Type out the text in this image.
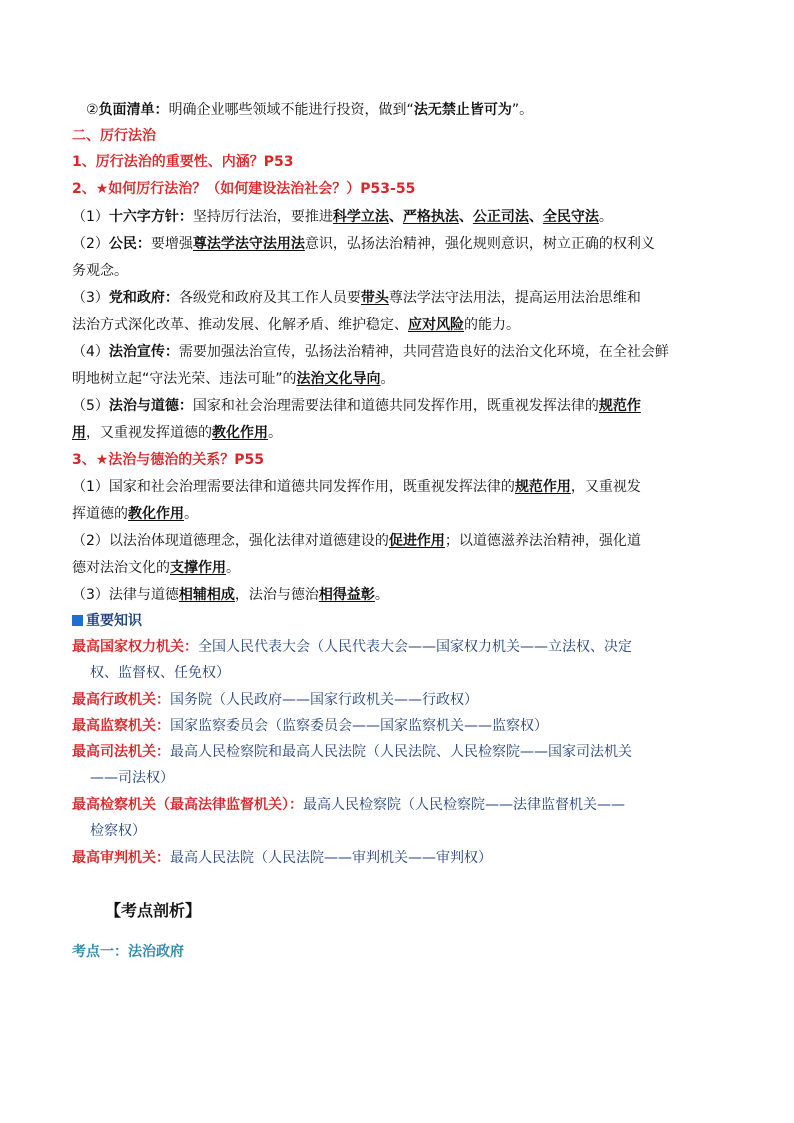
②负面清单：明确企业哪些领域不能进行投资，做到“法无禁止皆可为”。
二、厉行法治
1、厉行法治的重要性、内涵？P53
2、★如何厉行法治？（如何建设法治社会？）P53-55
（1）十六字方针：坚持厉行法治，要推进科学立法、严格执法、公正司法、全民守法。
（2）公民：要增强尊法学法守法用法意识，弘扬法治精神，强化规则意识，树立正确的权利义
务观念。
（3）党和政府：各级党和政府及其工作人员要带头尊法学法守法用法，提高运用法治思维和
法治方式深化改革、推动发展、化解矛盾、维护稳定、应对风险的能力。
（4）法治宣传：需要加强法治宣传，弘扬法治精神，共同营造良好的法治文化环境，在全社会鲜
明地树立起“守法光荣、违法可耻”的法治文化导向。
（5）法治与道德：国家和社会治理需要法律和道德共同发挥作用，既重视发挥法律的规范作
用，又重视发挥道德的教化作用。
3、★法治与德治的关系？P55
（1）国家和社会治理需要法律和道德共同发挥作用，既重视发挥法律的规范作用，又重视发
挥道德的教化作用。
（2）以法治体现道德理念，强化法律对道德建设的促进作用；以道德滋养法治精神，强化道
德对法治文化的支撑作用。
（3）法律与道德相辅相成，法治与德治相得益彰。
重要知识
最高国家权力机关：全国人民代表大会（人民代表大会——国家权力机关——立法权、决定
权、监督权、任免权）
最高行政机关：国务院（人民政府——国家行政机关——行政权）
最高监察机关：国家监察委员会（监察委员会——国家监察机关——监察权）
最高司法机关：最高人民检察院和最高人民法院（人民法院、人民检察院——国家司法机关
——司法权）
最高检察机关（最高法律监督机关）：最高人民检察院（人民检察院——法律监督机关——
检察权）
最高审判机关：最高人民法院（人民法院——审判机关——审判权）
【考点剖析】
考点一：法治政府
